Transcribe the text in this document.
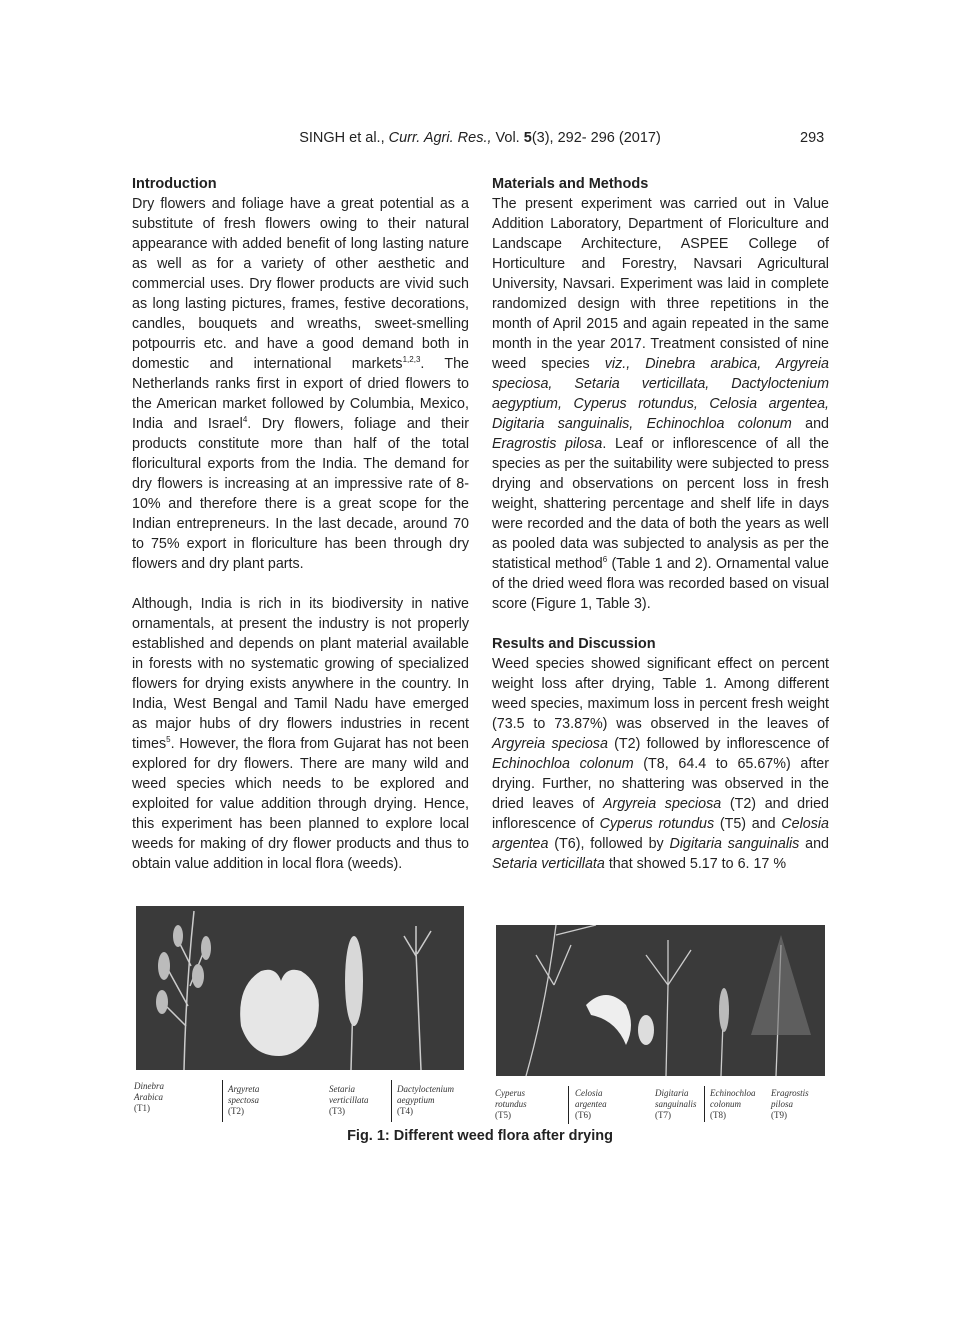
SINGH et al., Curr. Agri. Res., Vol. 5(3), 292- 296 (2017)	293
Introduction

Dry flowers and foliage have a great potential as a substitute of fresh flowers owing to their natural appearance with added benefit of long lasting nature as well as for a variety of other aesthetic and commercial uses. Dry flower products are vivid such as long lasting pictures, frames, festive decorations, candles, bouquets and wreaths, sweet-smelling potpourris etc. and have a good demand both in domestic and international markets$^{1,2,3}$. The Netherlands ranks first in export of dried flowers to the American market followed by Columbia, Mexico, India and Israel$^4$. Dry flowers, foliage and their products constitute more than half of the total floricultural exports from the India. The demand for dry flowers is increasing at an impressive rate of 8-10% and therefore there is a great scope for the Indian entrepreneurs. In the last decade, around 70 to 75% export in floriculture has been through dry flowers and dry plant parts.

Although, India is rich in its biodiversity in native ornamentals, at present the industry is not properly established and depends on plant material available in forests with no systematic growing of specialized flowers for drying exists anywhere in the country. In India, West Bengal and Tamil Nadu have emerged as major hubs of dry flowers industries in recent times$^5$. However, the flora from Gujarat has not been explored for dry flowers. There are many wild and weed species which needs to be explored and exploited for value addition through drying. Hence, this experiment has been planned to explore local weeds for making of dry flower products and thus to obtain value addition in local flora (weeds).

Materials and Methods

The present experiment was carried out in Value Addition Laboratory, Department of Floriculture and Landscape Architecture, ASPEE College of Horticulture and Forestry, Navsari Agricultural University, Navsari. Experiment was laid in complete randomized design with three repetitions in the month of April 2015 and again repeated in the same month in the year 2017. Treatment consisted of nine weed species viz., Dinebra arabica, Argyreia speciosa, Setaria verticillata, Dactyloctenium aegyptium, Cyperus rotundus, Celosia argentea, Digitaria sanguinalis, Echinochloa colonum and Eragrostis pilosa. Leaf or inflorescence of all the species as per the suitability were subjected to press drying and observations on percent loss in fresh weight, shattering percentage and shelf life in days were recorded and the data of both the years as well as pooled data was subjected to analysis as per the statistical method$^6$ (Table 1 and 2). Ornamental value of the dried weed flora was recorded based on visual score (Figure 1, Table 3).

Results and Discussion

Weed species showed significant effect on percent weight loss after drying, Table 1. Among different weed species, maximum loss in percent fresh weight (73.5 to 73.87%) was observed in the leaves of Argyreia speciosa (T2) followed by inflorescence of Echinochloa colonum (T8, 64.4 to 65.67%) after drying. Further, no shattering was observed in the dried leaves of Argyreia speciosa (T2) and dried inflorescence of Cyperus rotundus (T5) and Celosia argentea (T6), followed by Digitaria sanguinalis and Setaria verticillata that showed 5.17 to 6. 17 %

Dinebra Arabica
(T1)
Argyreta spectosa
(T2)
Setaria verticillata
(T3)
Dactyloctenium aegyptium
(T4)
Cyperus rotundus
(T5)
Celosia argentea
(T6)
Digitaria sanguinalis
(T7)
Echinochloa colonum
(T8)
Eragrostis pilosa
(T9)
Fig. 1: Different weed flora after drying
